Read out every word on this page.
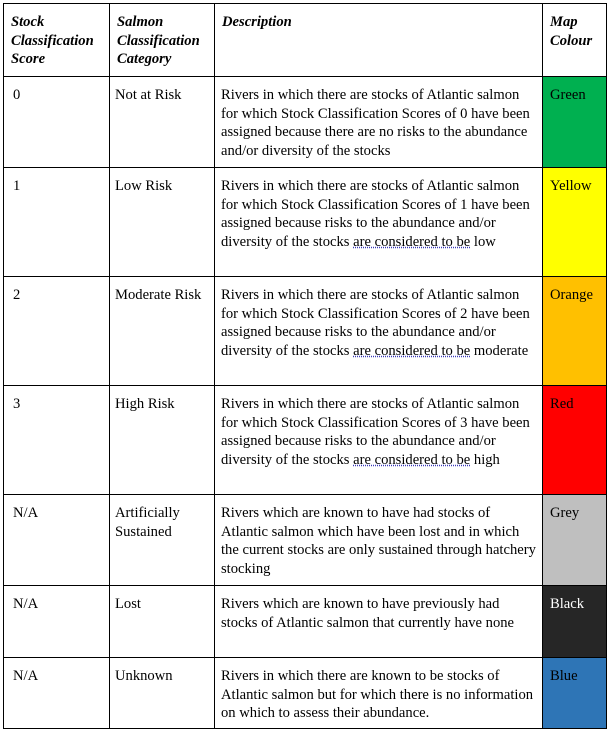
Stock Classification Score	Salmon Classification Category	Description	Map Colour
0	Not at Risk	Rivers in which there are stocks of Atlantic salmon for which Stock Classification Scores of 0 have been assigned because there are no risks to the abundance and/or diversity of the stocks	Green
1	Low Risk	Rivers in which there are stocks of Atlantic salmon for which Stock Classification Scores of 1 have been assigned because risks to the abundance and/or diversity of the stocks are considered to be low	Yellow
2	Moderate Risk	Rivers in which there are stocks of Atlantic salmon for which Stock Classification Scores of 2 have been assigned because risks to the abundance and/or diversity of the stocks are considered to be moderate	Orange
3	High Risk	Rivers in which there are stocks of Atlantic salmon for which Stock Classification Scores of 3 have been assigned because risks to the abundance and/or diversity of the stocks are considered to be high	Red
N/A	Artificially Sustained	Rivers which are known to have had stocks of Atlantic salmon which have been lost and in which the current stocks are only sustained through hatchery stocking	Grey
N/A	Lost	Rivers which are known to have previously had stocks of Atlantic salmon that currently have none	Black
N/A	Unknown	Rivers in which there are known to be stocks of Atlantic salmon but for which there is no information on which to assess their abundance.	Blue
